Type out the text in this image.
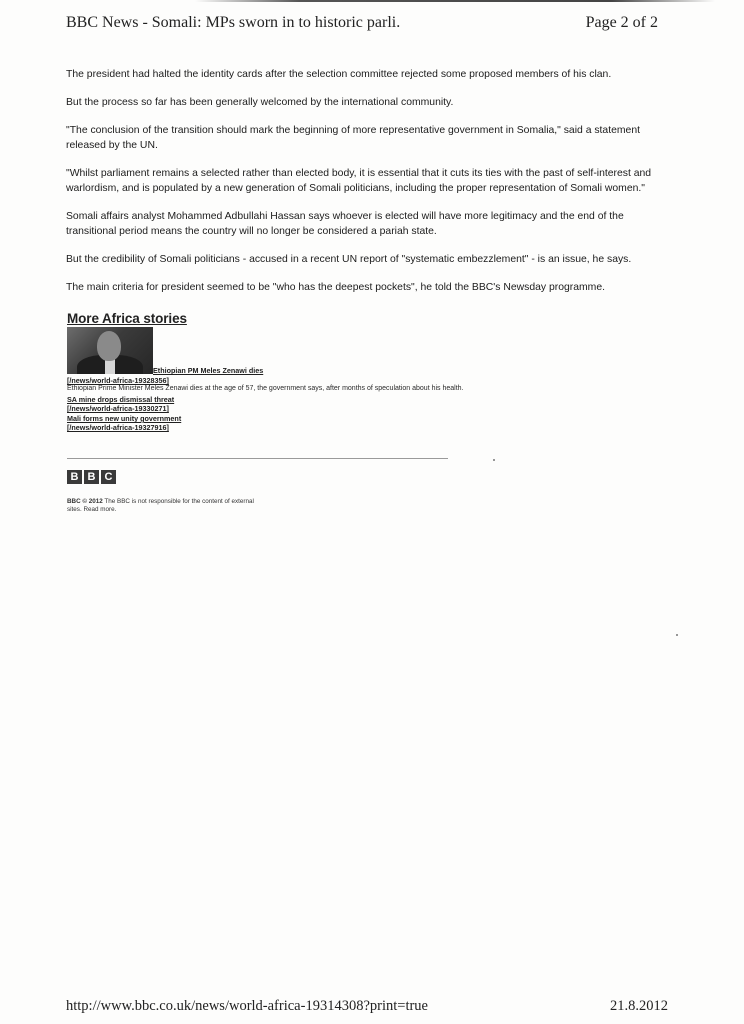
BBC News - Somali: MPs sworn in to historic parli.	Page 2 of 2

The president had halted the identity cards after the selection committee rejected some proposed members of his clan.

But the process so far has been generally welcomed by the international community.

"The conclusion of the transition should mark the beginning of more representative government in Somalia," said a statement released by the UN.

"Whilst parliament remains a selected rather than elected body, it is essential that it cuts its ties with the past of self-interest and warlordism, and is populated by a new generation of Somali politicians, including the proper representation of Somali women."

Somali affairs analyst Mohammed Adbullahi Hassan says whoever is elected will have more legitimacy and the end of the transitional period means the country will no longer be considered a pariah state.

But the credibility of Somali politicians - accused in a recent UN report of "systematic embezzlement" - is an issue, he says.

The main criteria for president seemed to be "who has the deepest pockets", he told the BBC's Newsday programme.

More Africa stories
Ethiopian PM Meles Zenawi dies
[/news/world-africa-19328356]
Ethiopian Prime Minister Meles Zenawi dies at the age of 57, the government says, after months of speculation about his health.
SA mine drops dismissal threat
[/news/world-africa-19330271]
Mali forms new unity government
[/news/world-africa-19327916]
B B C
BBC © 2012 The BBC is not responsible for the content of external sites. Read more.
http://www.bbc.co.uk/news/world-africa-19314308?print=true	21.8.2012
